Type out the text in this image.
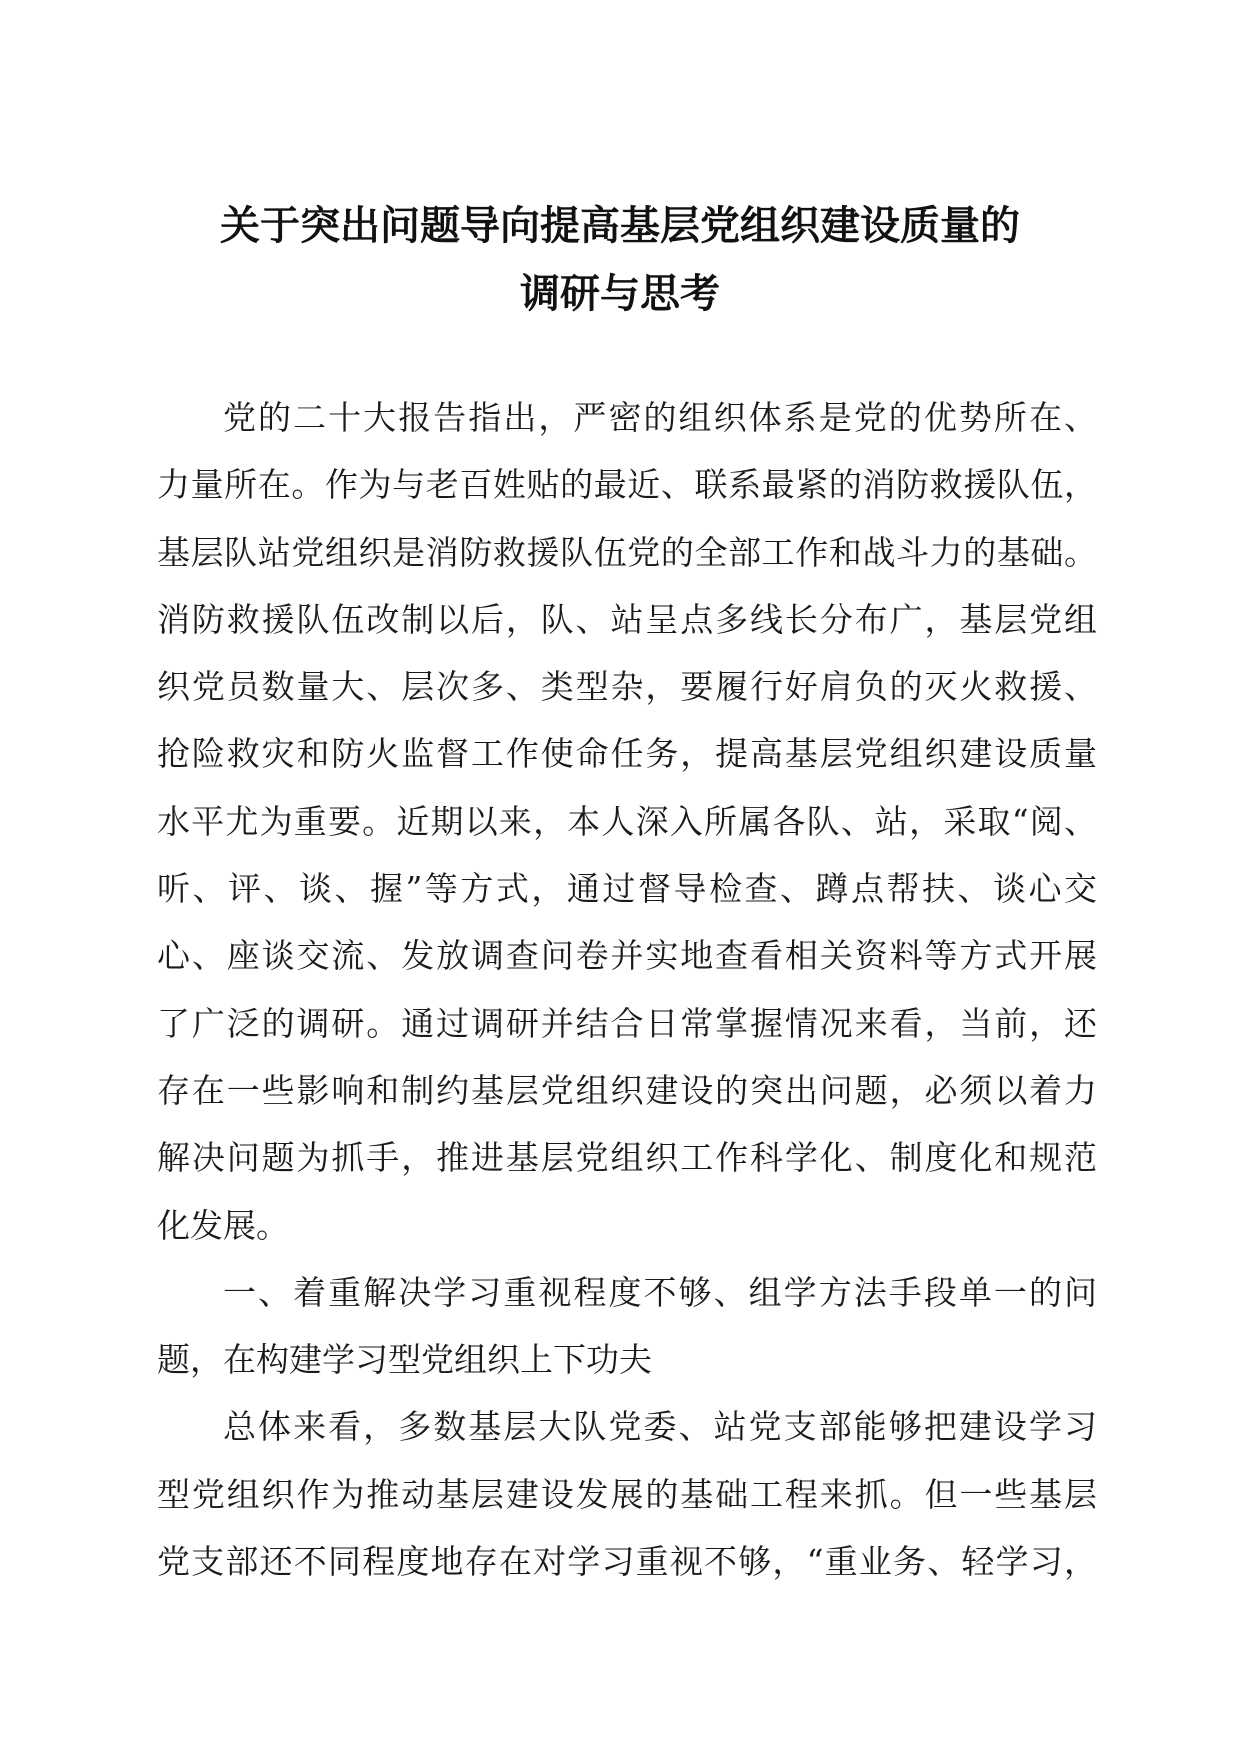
关于突出问题导向提高基层党组织建设质量的
调研与思考
党的二十大报告指出，严密的组织体系是党的优势所在、
力量所在。作为与老百姓贴的最近、联系最紧的消防救援队伍，
基层队站党组织是消防救援队伍党的全部工作和战斗力的基础。
消防救援队伍改制以后，队、站呈点多线长分布广，基层党组
织党员数量大、层次多、类型杂，要履行好肩负的灭火救援、
抢险救灾和防火监督工作使命任务，提高基层党组织建设质量
水平尤为重要。近期以来，本人深入所属各队、站，采取“阅、
听、评、谈、握”等方式，通过督导检查、蹲点帮扶、谈心交
心、座谈交流、发放调查问卷并实地查看相关资料等方式开展
了广泛的调研。通过调研并结合日常掌握情况来看，当前，还
存在一些影响和制约基层党组织建设的突出问题，必须以着力
解决问题为抓手，推进基层党组织工作科学化、制度化和规范
化发展。
一、着重解决学习重视程度不够、组学方法手段单一的问
题，在构建学习型党组织上下功夫
总体来看，多数基层大队党委、站党支部能够把建设学习
型党组织作为推动基层建设发展的基础工程来抓。但一些基层
党支部还不同程度地存在对学习重视不够，“重业务、轻学习，
